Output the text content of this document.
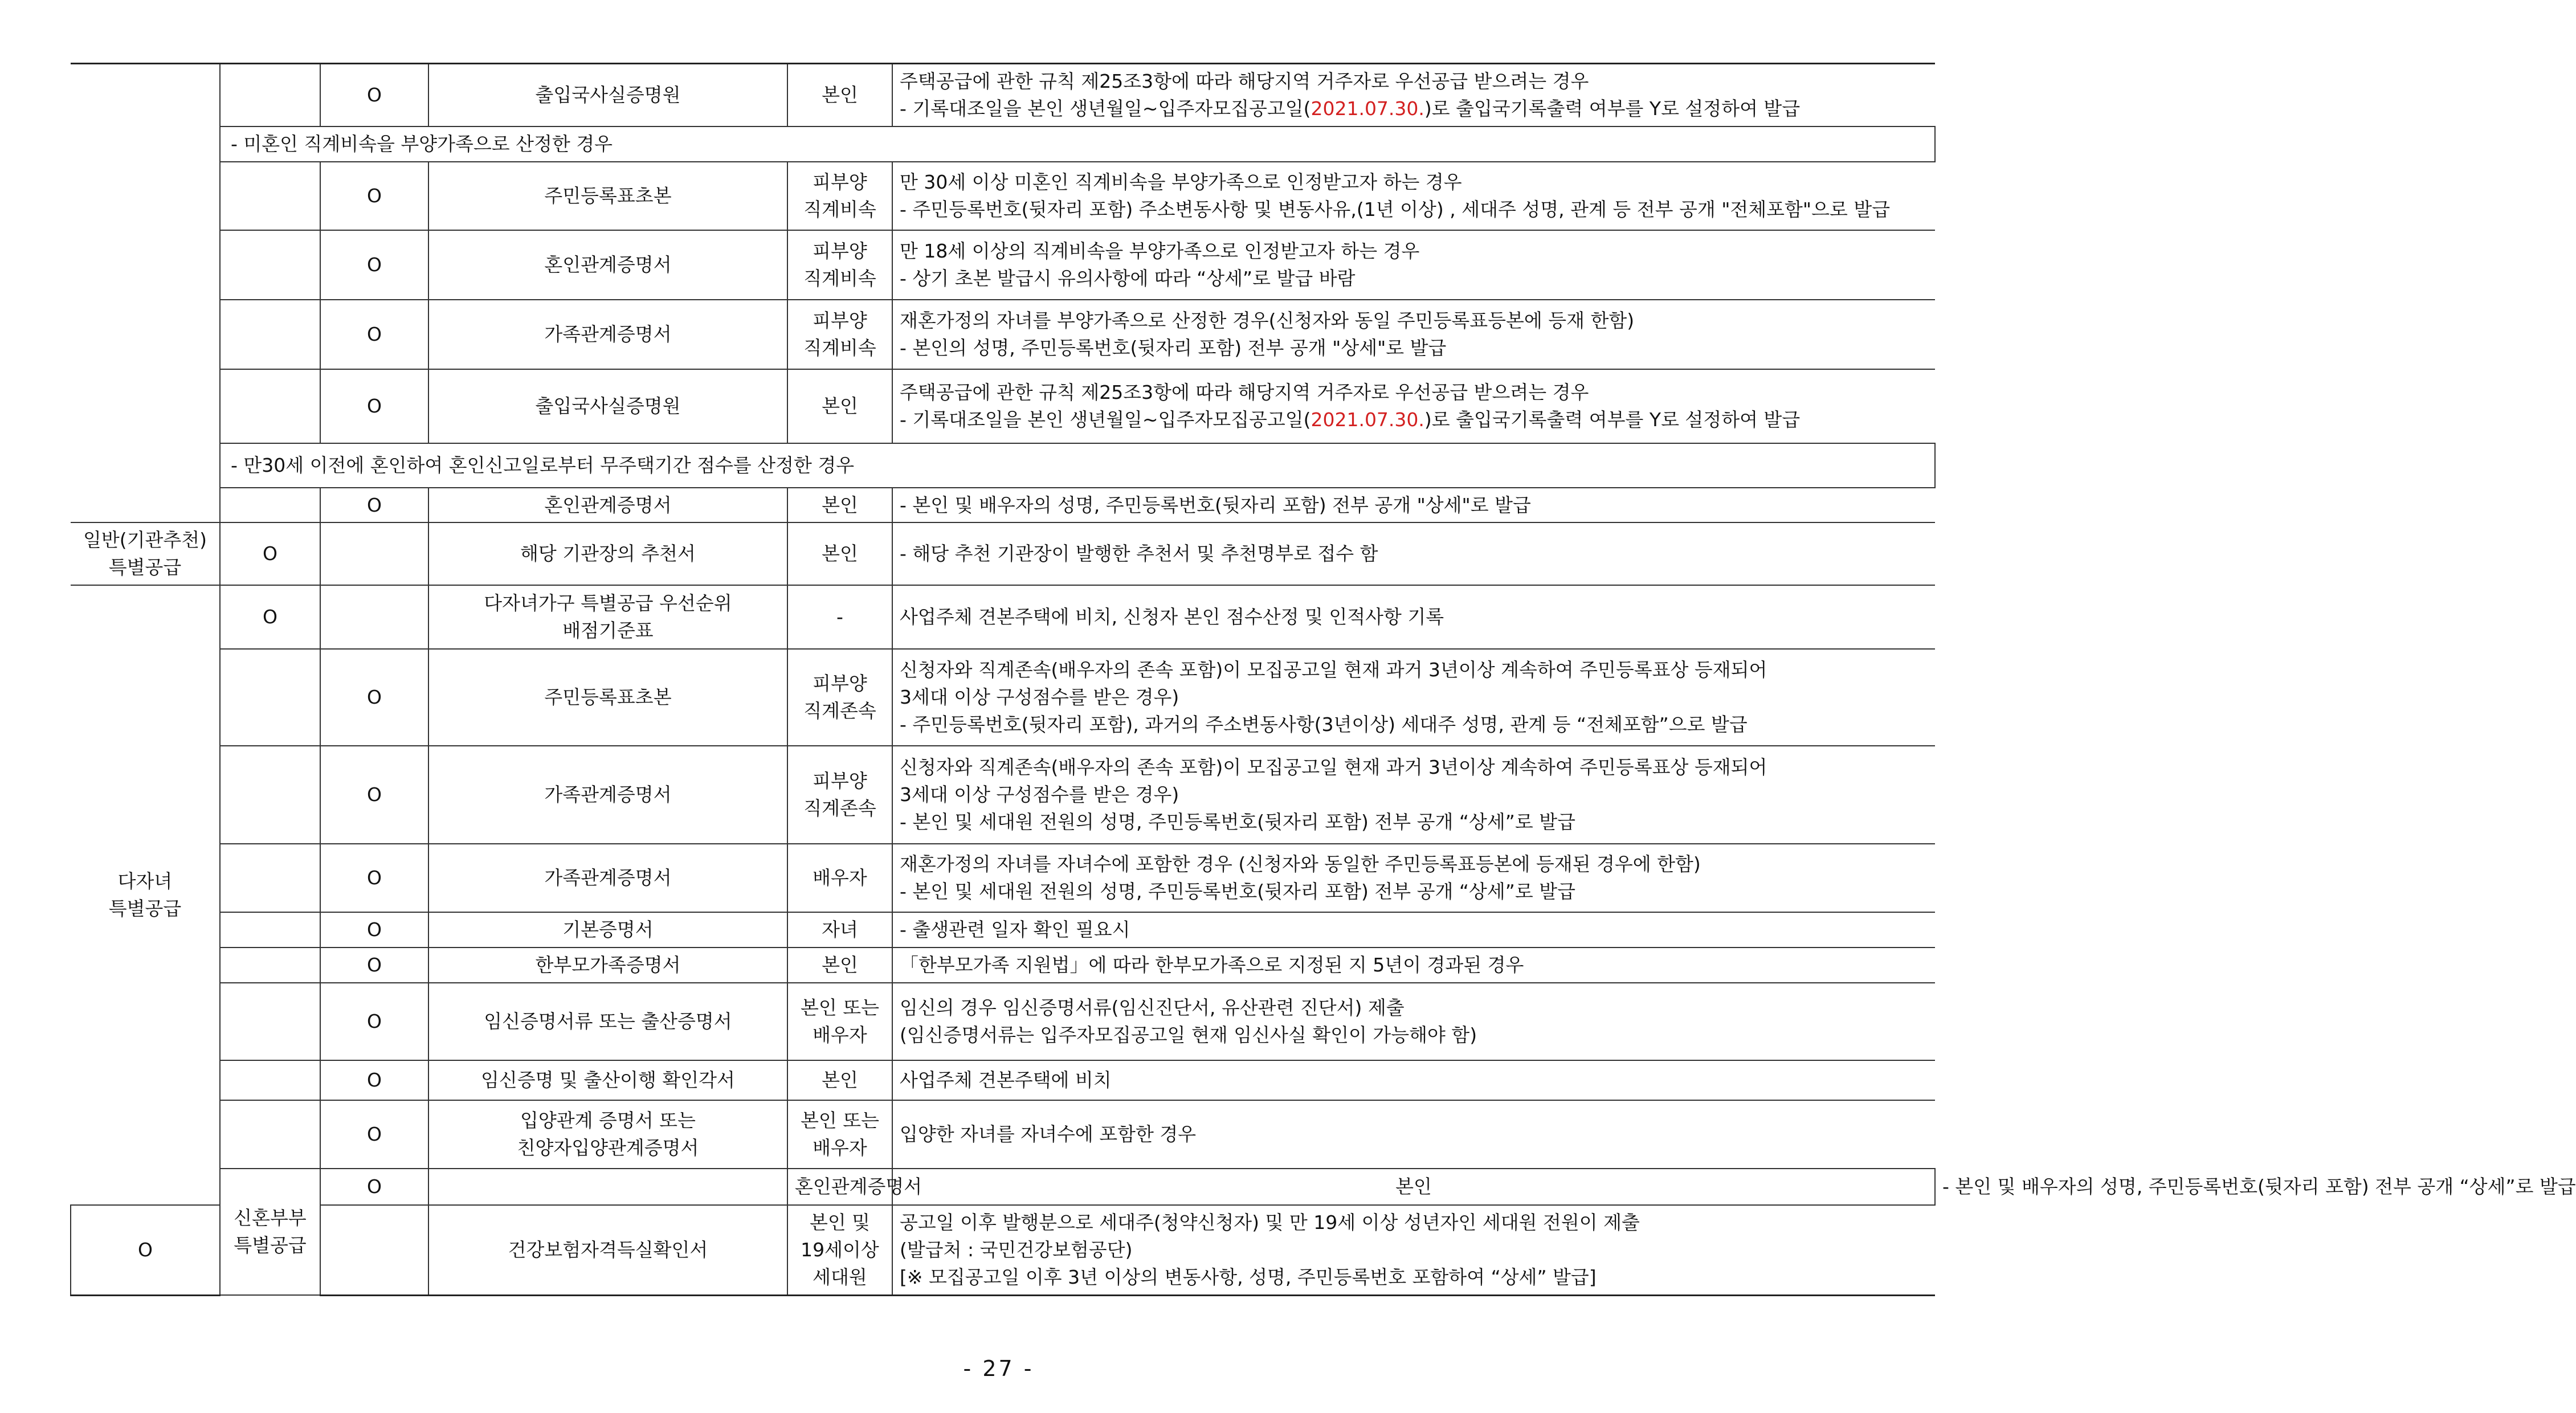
		O	출입국사실증명원	본인	주택공급에 관한 규칙 제25조3항에 따라 해당지역 거주자로 우선공급 받으려는 경우
- 기록대조일을 본인 생년월일~입주자모집공고일(2021.07.30.)로 출입국기록출력 여부를 Y로 설정하여 발급	

	- 미혼인 직계비속을 부양가족으로 산정한 경우					
		O	주민등록표초본	피부양
직계비속	만 30세 이상 미혼인 직계비속을 부양가족으로 인정받고자 하는 경우
- 주민등록번호(뒷자리 포함) 주소변동사항 및 변동사유,(1년 이상) , 세대주 성명, 관계 등 전부 공개 "전체포함"으로 발급	

		O	혼인관계증명서	피부양
직계비속	만 18세 이상의 직계비속을 부양가족으로 인정받고자 하는 경우
- 상기 초본 발급시 유의사항에 따라 “상세”로 발급 바람	

		O	가족관계증명서	피부양
직계비속	재혼가정의 자녀를 부양가족으로 산정한 경우(신청자와 동일 주민등록표등본에 등재 한함)
- 본인의 성명, 주민등록번호(뒷자리 포함) 전부 공개 "상세"로 발급	

		O	출입국사실증명원	본인	주택공급에 관한 규칙 제25조3항에 따라 해당지역 거주자로 우선공급 받으려는 경우
- 기록대조일을 본인 생년월일~입주자모집공고일(2021.07.30.)로 출입국기록출력 여부를 Y로 설정하여 발급	

	- 만30세 이전에 혼인하여 혼인신고일로부터 무주택기간 점수를 산정한 경우					
		O	혼인관계증명서	본인	- 본인 및 배우자의 성명, 주민등록번호(뒷자리 포함) 전부 공개 "상세"로 발급	

일반(기관추천)
특별공급	O		해당 기관장의 추천서	본인	- 해당 추천 기관장이 발행한 추천서 및 추천명부로 접수 함	

다자녀
특별공급	O		다자녀가구 특별공급 우선순위
배점기준표	-	사업주체 견본주택에 비치, 신청자 본인 점수산정 및 인적사항 기록	

		O	주민등록표초본	피부양
직계존속	신청자와 직계존속(배우자의 존속 포함)이 모집공고일 현재 과거 3년이상 계속하여 주민등록표상 등재되어
3세대 이상 구성점수를 받은 경우)
- 주민등록번호(뒷자리 포함), 과거의 주소변동사항(3년이상) 세대주 성명, 관계 등 “전체포함”으로 발급	

		O	가족관계증명서	피부양
직계존속	신청자와 직계존속(배우자의 존속 포함)이 모집공고일 현재 과거 3년이상 계속하여 주민등록표상 등재되어
3세대 이상 구성점수를 받은 경우)
- 본인 및 세대원 전원의 성명, 주민등록번호(뒷자리 포함) 전부 공개 “상세”로 발급	

		O	가족관계증명서	배우자	재혼가정의 자녀를 자녀수에 포함한 경우 (신청자와 동일한 주민등록표등본에 등재된 경우에 한함)
- 본인 및 세대원 전원의 성명, 주민등록번호(뒷자리 포함) 전부 공개 “상세”로 발급	

		O	기본증명서	자녀	- 출생관련 일자 확인 필요시	

		O	한부모가족증명서	본인	「한부모가족 지원법」에 따라 한부모가족으로 지정된 지 5년이 경과된 경우	

		O	임신증명서류 또는 출산증명서	본인 또는
배우자	임신의 경우 임신증명서류(임신진단서, 유산관련 진단서) 제출
(임신증명서류는 입주자모집공고일 현재 임신사실 확인이 가능해야 함)	

		O	임신증명 및 출산이행 확인각서	본인	사업주체 견본주택에 비치	

		O	입양관계 증명서 또는
친양자입양관계증명서	본인 또는
배우자	입양한 자녀를 자녀수에 포함한 경우	

	신혼부부
특별공급	O		혼인관계증명서	본인	- 본인 및 배우자의 성명, 주민등록번호(뒷자리 포함) 전부 공개 “상세”로 발급

O			건강보험자격득실확인서	본인 및
19세이상
세대원	공고일 이후 발행분으로 세대주(청약신청자) 및 만 19세 이상 성년자인 세대원 전원이 제출
(발급처 : 국민건강보험공단)
[※ 모집공고일 이후 3년 이상의 변동사항, 성명, 주민등록번호 포함하여 “상세” 발급]	
- 27 -
